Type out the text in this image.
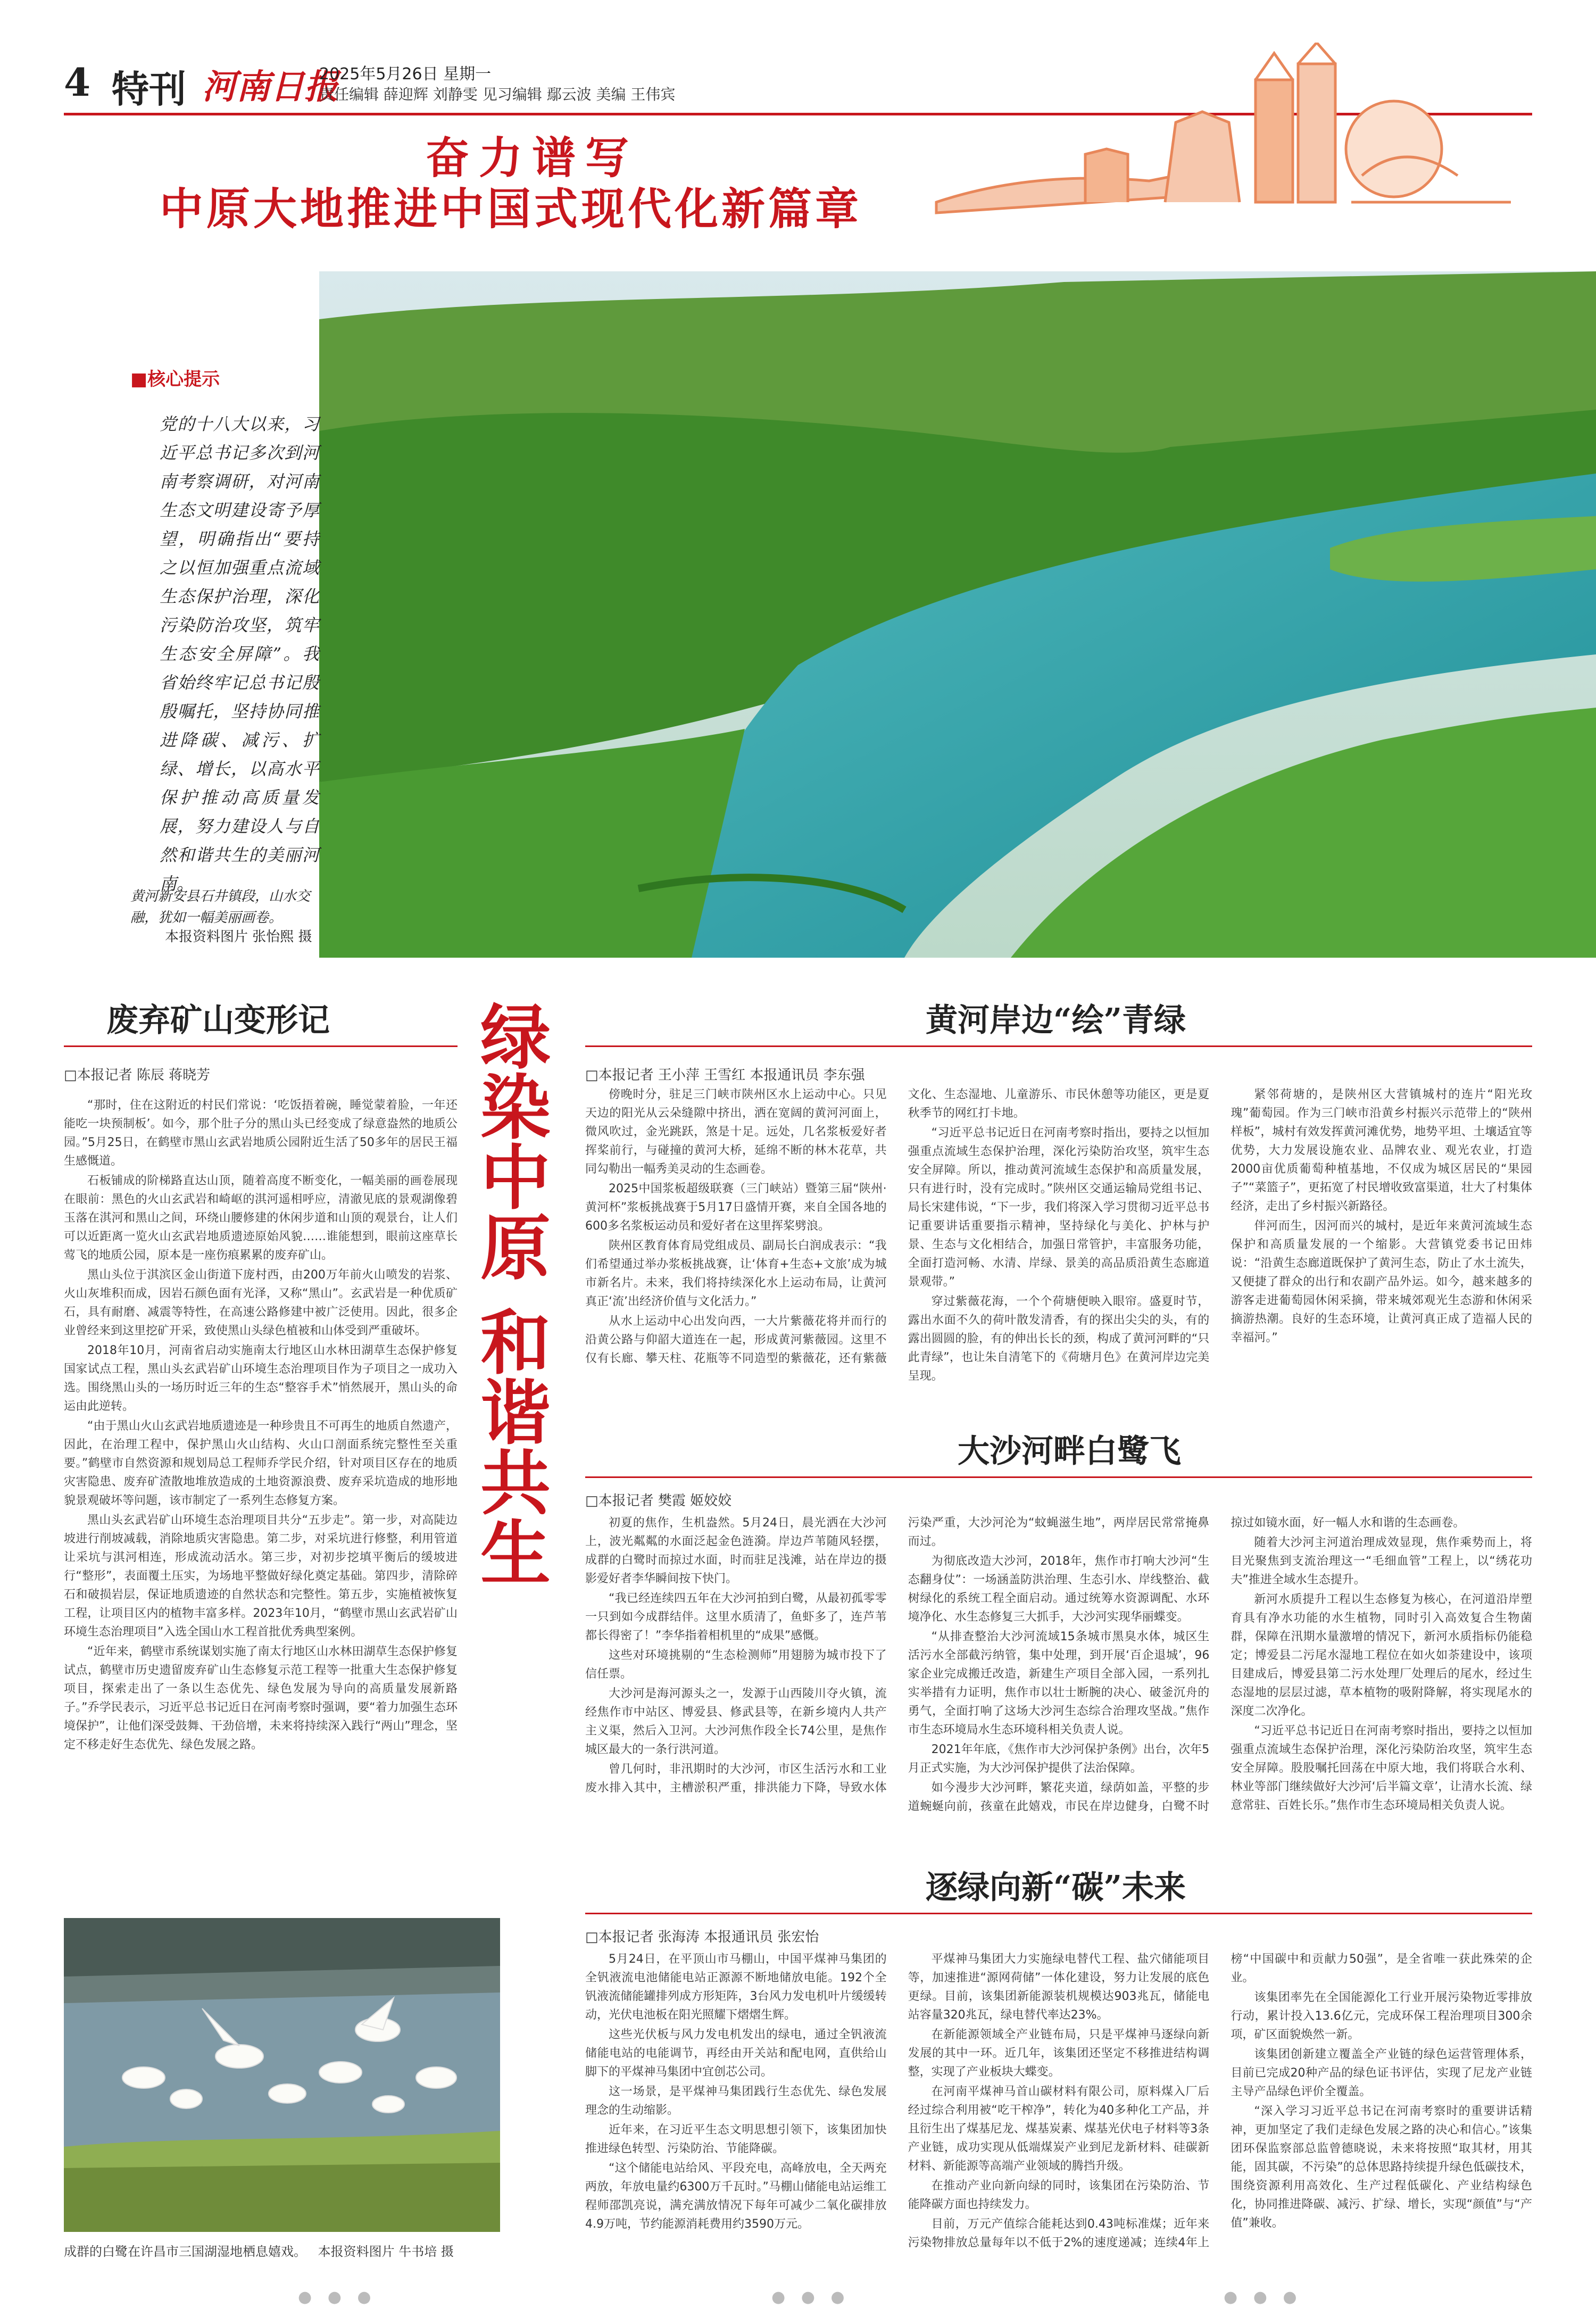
4 特刊 河南日报
2025年5月26日 星期一
责任编辑 薛迎辉 刘静雯 见习编辑 鄢云波 美编 王伟宾
奋力谱写
中原大地推进中国式现代化新篇章
■核心提示
党的十八大以来，习近平总书记多次到河南考察调研，对河南生态文明建设寄予厚望，明确指出“要持之以恒加强重点流域生态保护治理，深化污染防治攻坚，筑牢生态安全屏障”。我省始终牢记总书记殷殷嘱托，坚持协同推进降碳、减污、扩绿、增长，以高水平保护推动高质量发展，努力建设人与自然和谐共生的美丽河南。
黄河新安县石井镇段，山水交融，犹如一幅美丽画卷。
本报资料图片 张怡熙 摄
绿染中原 和谐共生
废弃矿山变形记
□本报记者 陈辰 蒋晓芳

“那时，住在这附近的村民们常说：‘吃饭捂着碗，睡觉蒙着脸，一年还能吃一块预制板’。如今，那个肚子分的黑山头已经变成了绿意盎然的地质公园。”5月25日，在鹤壁市黑山玄武岩地质公园附近生活了50多年的居民王福生感慨道。

石板铺成的阶梯路直达山顶，随着高度不断变化，一幅美丽的画卷展现在眼前：黑色的火山玄武岩和崎岖的淇河遥相呼应，清澈见底的景观湖像碧玉落在淇河和黑山之间，环绕山腰修建的休闲步道和山顶的观景台，让人们可以近距离一览火山玄武岩地质遗迹原始风貌……谁能想到，眼前这座草长莺飞的地质公园，原本是一座伤痕累累的废弃矿山。

黑山头位于淇滨区金山街道下庞村西，由200万年前火山喷发的岩浆、火山灰堆积而成，因岩石颜色面有光泽，又称“黑山”。玄武岩是一种优质矿石，具有耐磨、减震等特性，在高速公路修建中被广泛使用。因此，很多企业曾经来到这里挖矿开采，致使黑山头绿色植被和山体受到严重破坏。

2018年10月，河南省启动实施南太行地区山水林田湖草生态保护修复国家试点工程，黑山头玄武岩矿山环境生态治理项目作为子项目之一成功入选。围绕黑山头的一场历时近三年的生态“整容手术”悄然展开，黑山头的命运由此逆转。

“由于黑山火山玄武岩地质遗迹是一种珍贵且不可再生的地质自然遗产，因此，在治理工程中，保护黑山火山结构、火山口剖面系统完整性至关重要。”鹤壁市自然资源和规划局总工程师乔学民介绍，针对项目区存在的地质灾害隐患、废弃矿渣散地堆放造成的土地资源浪费、废弃采坑造成的地形地貌景观破坏等问题，该市制定了一系列生态修复方案。

黑山头玄武岩矿山环境生态治理项目共分“五步走”。第一步，对高陡边坡进行削坡减载，消除地质灾害隐患。第二步，对采坑进行修整，利用管道让采坑与淇河相连，形成流动活水。第三步，对初步挖填平衡后的缓坡进行“整形”，表面覆土压实，为场地平整做好绿化奠定基础。第四步，清除碎石和破损岩层，保证地质遗迹的自然状态和完整性。第五步，实施植被恢复工程，让项目区内的植物丰富多样。2023年10月，“鹤壁市黑山玄武岩矿山环境生态治理项目”入选全国山水工程首批优秀典型案例。

“近年来，鹤壁市系统谋划实施了南太行地区山水林田湖草生态保护修复试点，鹤壁市历史遗留废弃矿山生态修复示范工程等一批重大生态保护修复项目，探索走出了一条以生态优先、绿色发展为导向的高质量发展新路子。”乔学民表示，习近平总书记近日在河南考察时强调，要“着力加强生态环境保护”，让他们深受鼓舞、干劲倍增，未来将持续深入践行“两山”理念，坚定不移走好生态优先、绿色发展之路。

黄河岸边“绘”青绿
□本报记者 王小萍 王雪红 本报通讯员 李东强

傍晚时分，驻足三门峡市陕州区水上运动中心。只见天边的阳光从云朵缝隙中挤出，洒在宽阔的黄河河面上，微风吹过，金光跳跃，煞是十足。远处，几名浆板爱好者挥桨前行，与碰撞的黄河大桥，延绵不断的林木花草，共同勾勒出一幅秀美灵动的生态画卷。

2025中国浆板超级联赛（三门峡站）暨第三届“陕州·黄河杯”浆板挑战赛于5月17日盛情开赛，来自全国各地的600多名浆板运动员和爱好者在这里挥桨劈浪。

陕州区教育体育局党组成员、副局长白润成表示：“我们希望通过举办浆板挑战赛，让‘体育+生态+文旅’成为城市新名片。未来，我们将持续深化水上运动布局，让黄河真正‘流’出经济价值与文化活力。”

从水上运动中心出发向西，一大片紫薇花将并而行的沿黄公路与仰韶大道连在一起，形成黄河紫薇园。这里不仅有长廊、攀天柱、花瓶等不同造型的紫薇花，还有紫薇文化、生态湿地、儿童游乐、市民休憩等功能区，更是夏秋季节的网红打卡地。

“习近平总书记近日在河南考察时指出，要持之以恒加强重点流域生态保护治理，深化污染防治攻坚，筑牢生态安全屏障。所以，推动黄河流域生态保护和高质量发展，只有进行时，没有完成时。”陕州区交通运输局党组书记、局长宋建伟说，“下一步，我们将深入学习贯彻习近平总书记重要讲话重要指示精神，坚持绿化与美化、护林与护景、生态与文化相结合，加强日常管护，丰富服务功能，全面打造河畅、水清、岸绿、景美的高品质沿黄生态廊道景观带。”

穿过紫薇花海，一个个荷塘便映入眼帘。盛夏时节，露出水面不久的荷叶散发清香，有的探出尖尖的头，有的露出圆圆的脸，有的伸出长长的颈，构成了黄河河畔的“只此青绿”，也让朱自清笔下的《荷塘月色》在黄河岸边完美呈现。

紧邻荷塘的，是陕州区大营镇城村的连片“阳光玫瑰”葡萄园。作为三门峡市沿黄乡村振兴示范带上的“陕州样板”，城村有效发挥黄河滩优势，地势平坦、土壤适宜等优势，大力发展设施农业、品牌农业、观光农业，打造2000亩优质葡萄种植基地，不仅成为城区居民的“果园子”“菜篮子”，更拓宽了村民增收致富渠道，壮大了村集体经济，走出了乡村振兴新路径。

伴河而生，因河而兴的城村，是近年来黄河流域生态保护和高质量发展的一个缩影。大营镇党委书记田炜说：“沿黄生态廊道既保护了黄河生态，防止了水土流失，又便捷了群众的出行和农副产品外运。如今，越来越多的游客走进葡萄园休闲采摘，带来城郊观光生态游和休闲采摘游热潮。良好的生态环境，让黄河真正成了造福人民的幸福河。”

大沙河畔白鹭飞
□本报记者 樊霞 姬姣姣

初夏的焦作，生机盎然。5月24日，晨光洒在大沙河上，波光粼粼的水面泛起金色涟漪。岸边芦苇随风轻摆，成群的白鹭时而掠过水面，时而驻足浅滩，站在岸边的摄影爱好者李华瞬间按下快门。

“我已经连续四五年在大沙河拍到白鹭，从最初孤零零一只到如今成群结伴。这里水质清了，鱼虾多了，连芦苇都长得密了！”李华指着相机里的“成果”感慨。

这些对环境挑剔的“生态检测师”用翅膀为城市投下了信任票。

大沙河是海河源头之一，发源于山西陵川夺火镇，流经焦作市中站区、博爱县、修武县等，在新乡境内人共产主义渠，然后入卫河。大沙河焦作段全长74公里，是焦作城区最大的一条行洪河道。

曾几何时，非汛期时的大沙河，市区生活污水和工业废水排入其中，主槽淤积严重，排洪能力下降，导致水体污染严重，大沙河沦为“蚊蝇滋生地”，两岸居民常常掩鼻而过。

为彻底改造大沙河，2018年，焦作市打响大沙河“生态翻身仗”：一场涵盖防洪治理、生态引水、岸线整治、截树绿化的系统工程全面启动。通过统筹水资源调配、水环境净化、水生态修复三大抓手，大沙河实现华丽蝶变。

“从排查整治大沙河流域15条城市黑臭水体，城区生活污水全部截污纳管，集中处理，到开展‘百企退城’，96家企业完成搬迁改造，新建生产项目全部入园，一系列扎实举措有力证明，焦作市以壮士断腕的决心、破釜沉舟的勇气，全面打响了这场大沙河生态综合治理攻坚战。”焦作市生态环境局水生态环境科相关负责人说。

2021年年底，《焦作市大沙河保护条例》出台，次年5月正式实施，为大沙河保护提供了法治保障。

如今漫步大沙河畔，繁花夹道，绿荫如盖，平整的步道蜿蜒向前，孩童在此嬉戏，市民在岸边健身，白鹭不时掠过如镜水面，好一幅人水和谐的生态画卷。

随着大沙河主河道治理成效显现，焦作乘势而上，将目光聚焦到支流治理这一“毛细血管”工程上，以“绣花功夫”推进全域水生态提升。

新河水质提升工程以生态修复为核心，在河道沿岸塑育具有净水功能的水生植物，同时引入高效复合生物菌群，保障在汛期水量激增的情况下，新河水质指标仍能稳定；博爱县二污尾水湿地工程位在如火如荼建设中，该项目建成后，博爱县第二污水处理厂处理后的尾水，经过生态湿地的层层过滤，草本植物的吸附降解，将实现尾水的深度二次净化。

“习近平总书记近日在河南考察时指出，要持之以恒加强重点流域生态保护治理，深化污染防治攻坚，筑牢生态安全屏障。股股嘱托回荡在中原大地，我们将联合水利、林业等部门继续做好大沙河‘后半篇文章’，让清水长流、绿意常驻、百姓长乐。”焦作市生态环境局相关负责人说。

逐绿向新“碳”未来
□本报记者 张海涛 本报通讯员 张宏怡

5月24日，在平顶山市马棚山，中国平煤神马集团的全钒液流电池储能电站正源源不断地储放电能。192个全钒液流储能罐排列成方形矩阵，3台风力发电机叶片缓缓转动，光伏电池板在阳光照耀下熠熠生辉。

这些光伏板与风力发电机发出的绿电，通过全钒液流储能电站的电能调节，再经由开关站和配电网，直供给山脚下的平煤神马集团中宜创芯公司。

这一场景，是平煤神马集团践行生态优先、绿色发展理念的生动缩影。

近年来，在习近平生态文明思想引领下，该集团加快推进绿色转型、污染防治、节能降碳。

“这个储能电站给风、平段充电，高峰放电，全天两充两放，年放电量约6300万千瓦时。”马棚山储能电站运维工程师邵凯亮说，满充满放情况下每年可减少二氧化碳排放4.9万吨，节约能源消耗费用约3590万元。

平煤神马集团大力实施绿电替代工程、盐穴储能项目等，加速推进“源网荷储”一体化建设，努力让发展的底色更绿。目前，该集团新能源装机规模达903兆瓦，储能电站容量320兆瓦，绿电替代率达23%。

在新能源领域全产业链布局，只是平煤神马逐绿向新发展的其中一环。近几年，该集团还坚定不移推进结构调整，实现了产业板块大蝶变。

在河南平煤神马首山碳材料有限公司，原料煤入厂后经过综合利用被“吃干榨净”，转化为40多种化工产品，并且衍生出了煤基尼龙、煤基炭素、煤基光伏电子材料等3条产业链，成功实现从低端煤炭产业到尼龙新材料、硅碳新材料、新能源等高端产业领域的腾挡升级。

在推动产业向新向绿的同时，该集团在污染防治、节能降碳方面也持续发力。

目前，万元产值综合能耗达到0.43吨标准煤；近年来污染物排放总量每年以不低于2%的速度递减；连续4年上榜“中国碳中和贡献力50强”，是全省唯一获此殊荣的企业。

该集团率先在全国能源化工行业开展污染物近零排放行动，累计投入13.6亿元，完成环保工程治理项目300余项，矿区面貌焕然一新。

该集团创新建立覆盖全产业链的绿色运营管理体系，目前已完成20种产品的绿色证书评估，实现了尼龙产业链主导产品绿色评价全覆盖。

“深入学习习近平总书记在河南考察时的重要讲话精神，更加坚定了我们走绿色发展之路的决心和信心。”该集团环保监察部总监曾德晓说，未来将按照“取其材，用其能，固其碳，不污染”的总体思路持续提升绿色低碳技术，围绕资源利用高效化、生产过程低碳化、产业结构绿色化，协同推进降碳、减污、扩绿、增长，实现“颜值”与“产值”兼收。

成群的白鹭在许昌市三国湖湿地栖息嬉戏。 本报资料图片 牛书培 摄
● ● ●	● ● ●	● ● ●
